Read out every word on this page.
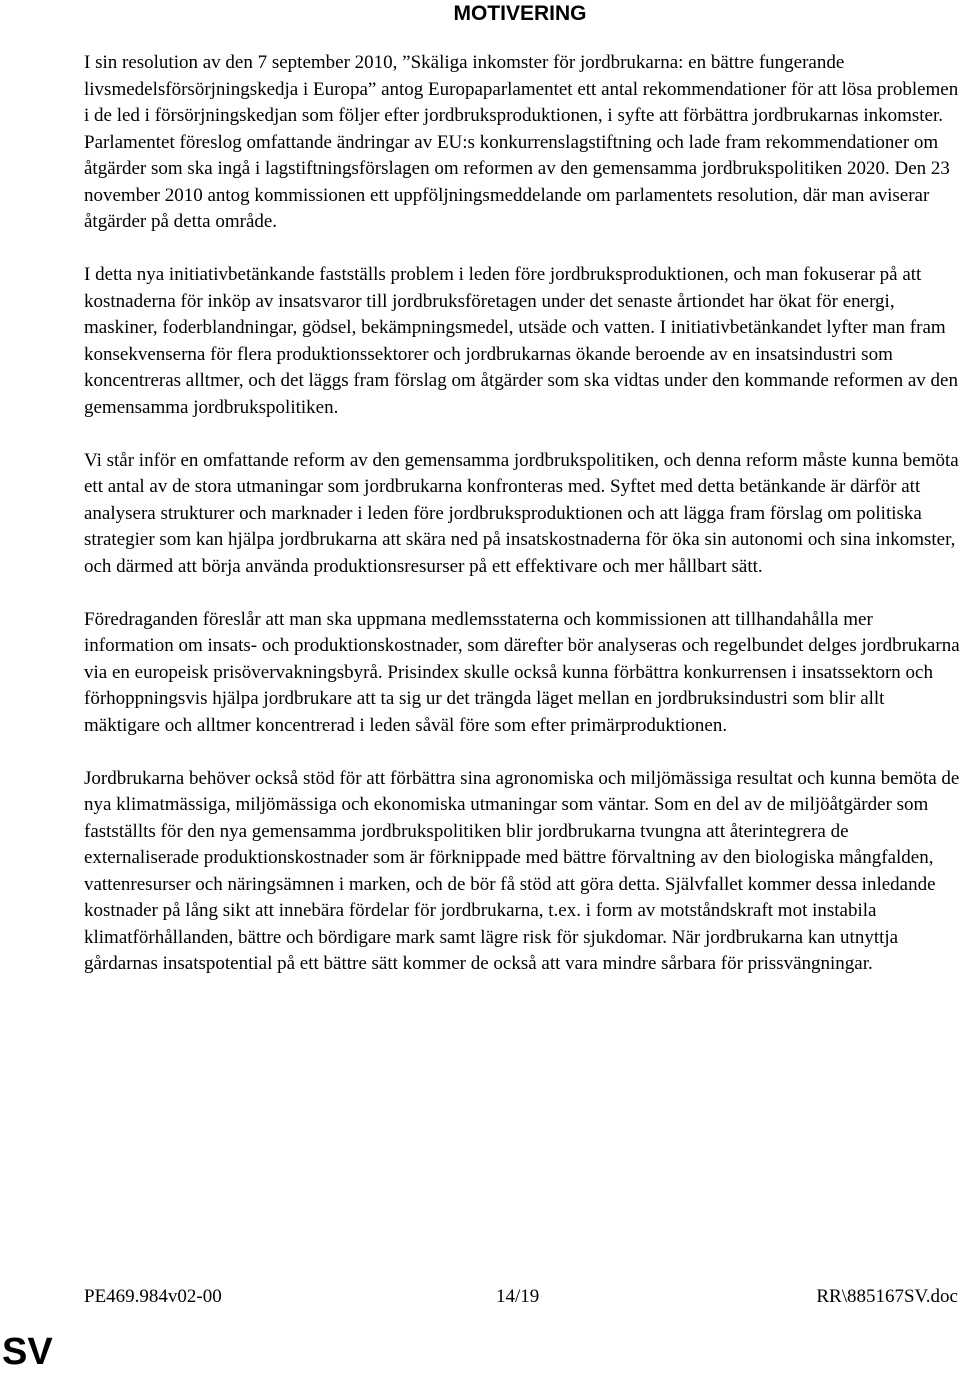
MOTIVERING

I sin resolution av den 7 september 2010, ”Skäliga inkomster för jordbrukarna: en bättre fungerande livsmedelsförsörjningskedja i Europa” antog Europaparlamentet ett antal rekommendationer för att lösa problemen i de led i försörjningskedjan som följer efter jordbruksproduktionen, i syfte att förbättra jordbrukarnas inkomster. Parlamentet föreslog omfattande ändringar av EU:s konkurrenslagstiftning och lade fram rekommendationer om åtgärder som ska ingå i lagstiftningsförslagen om reformen av den gemensamma jordbrukspolitiken 2020. Den 23 november 2010 antog kommissionen ett uppföljningsmeddelande om parlamentets resolution, där man aviserar åtgärder på detta område.

I detta nya initiativbetänkande fastställs problem i leden före jordbruksproduktionen, och man fokuserar på att kostnaderna för inköp av insatsvaror till jordbruksföretagen under det senaste årtiondet har ökat för energi, maskiner, foderblandningar, gödsel, bekämpningsmedel, utsäde och vatten. I initiativbetänkandet lyfter man fram konsekvenserna för flera produktionssektorer och jordbrukarnas ökande beroende av en insatsindustri som koncentreras alltmer, och det läggs fram förslag om åtgärder som ska vidtas under den kommande reformen av den gemensamma jordbrukspolitiken.

Vi står inför en omfattande reform av den gemensamma jordbrukspolitiken, och denna reform måste kunna bemöta ett antal av de stora utmaningar som jordbrukarna konfronteras med. Syftet med detta betänkande är därför att analysera strukturer och marknader i leden före jordbruksproduktionen och att lägga fram förslag om politiska strategier som kan hjälpa jordbrukarna att skära ned på insatskostnaderna för öka sin autonomi och sina inkomster, och därmed att börja använda produktionsresurser på ett effektivare och mer hållbart sätt.

Föredraganden föreslår att man ska uppmana medlemsstaterna och kommissionen att tillhandahålla mer information om insats- och produktionskostnader, som därefter bör analyseras och regelbundet delges jordbrukarna via en europeisk prisövervakningsbyrå. Prisindex skulle också kunna förbättra konkurrensen i insatssektorn och förhoppningsvis hjälpa jordbrukare att ta sig ur det trängda läget mellan en jordbruksindustri som blir allt mäktigare och alltmer koncentrerad i leden såväl före som efter primärproduktionen.

Jordbrukarna behöver också stöd för att förbättra sina agronomiska och miljömässiga resultat och kunna bemöta de nya klimatmässiga, miljömässiga och ekonomiska utmaningar som väntar. Som en del av de miljöåtgärder som fastställts för den nya gemensamma jordbrukspolitiken blir jordbrukarna tvungna att återintegrera de externaliserade produktionskostnader som är förknippade med bättre förvaltning av den biologiska mångfalden, vattenresurser och näringsämnen i marken, och de bör få stöd att göra detta. Självfallet kommer dessa inledande kostnader på lång sikt att innebära fördelar för jordbrukarna, t.ex. i form av motståndskraft mot instabila klimatförhållanden, bättre och bördigare mark samt lägre risk för sjukdomar. När jordbrukarna kan utnyttja gårdarnas insatspotential på ett bättre sätt kommer de också att vara mindre sårbara för prissvängningar.

PE469.984v02-00	14/19	RR\885167SV.doc
SV
